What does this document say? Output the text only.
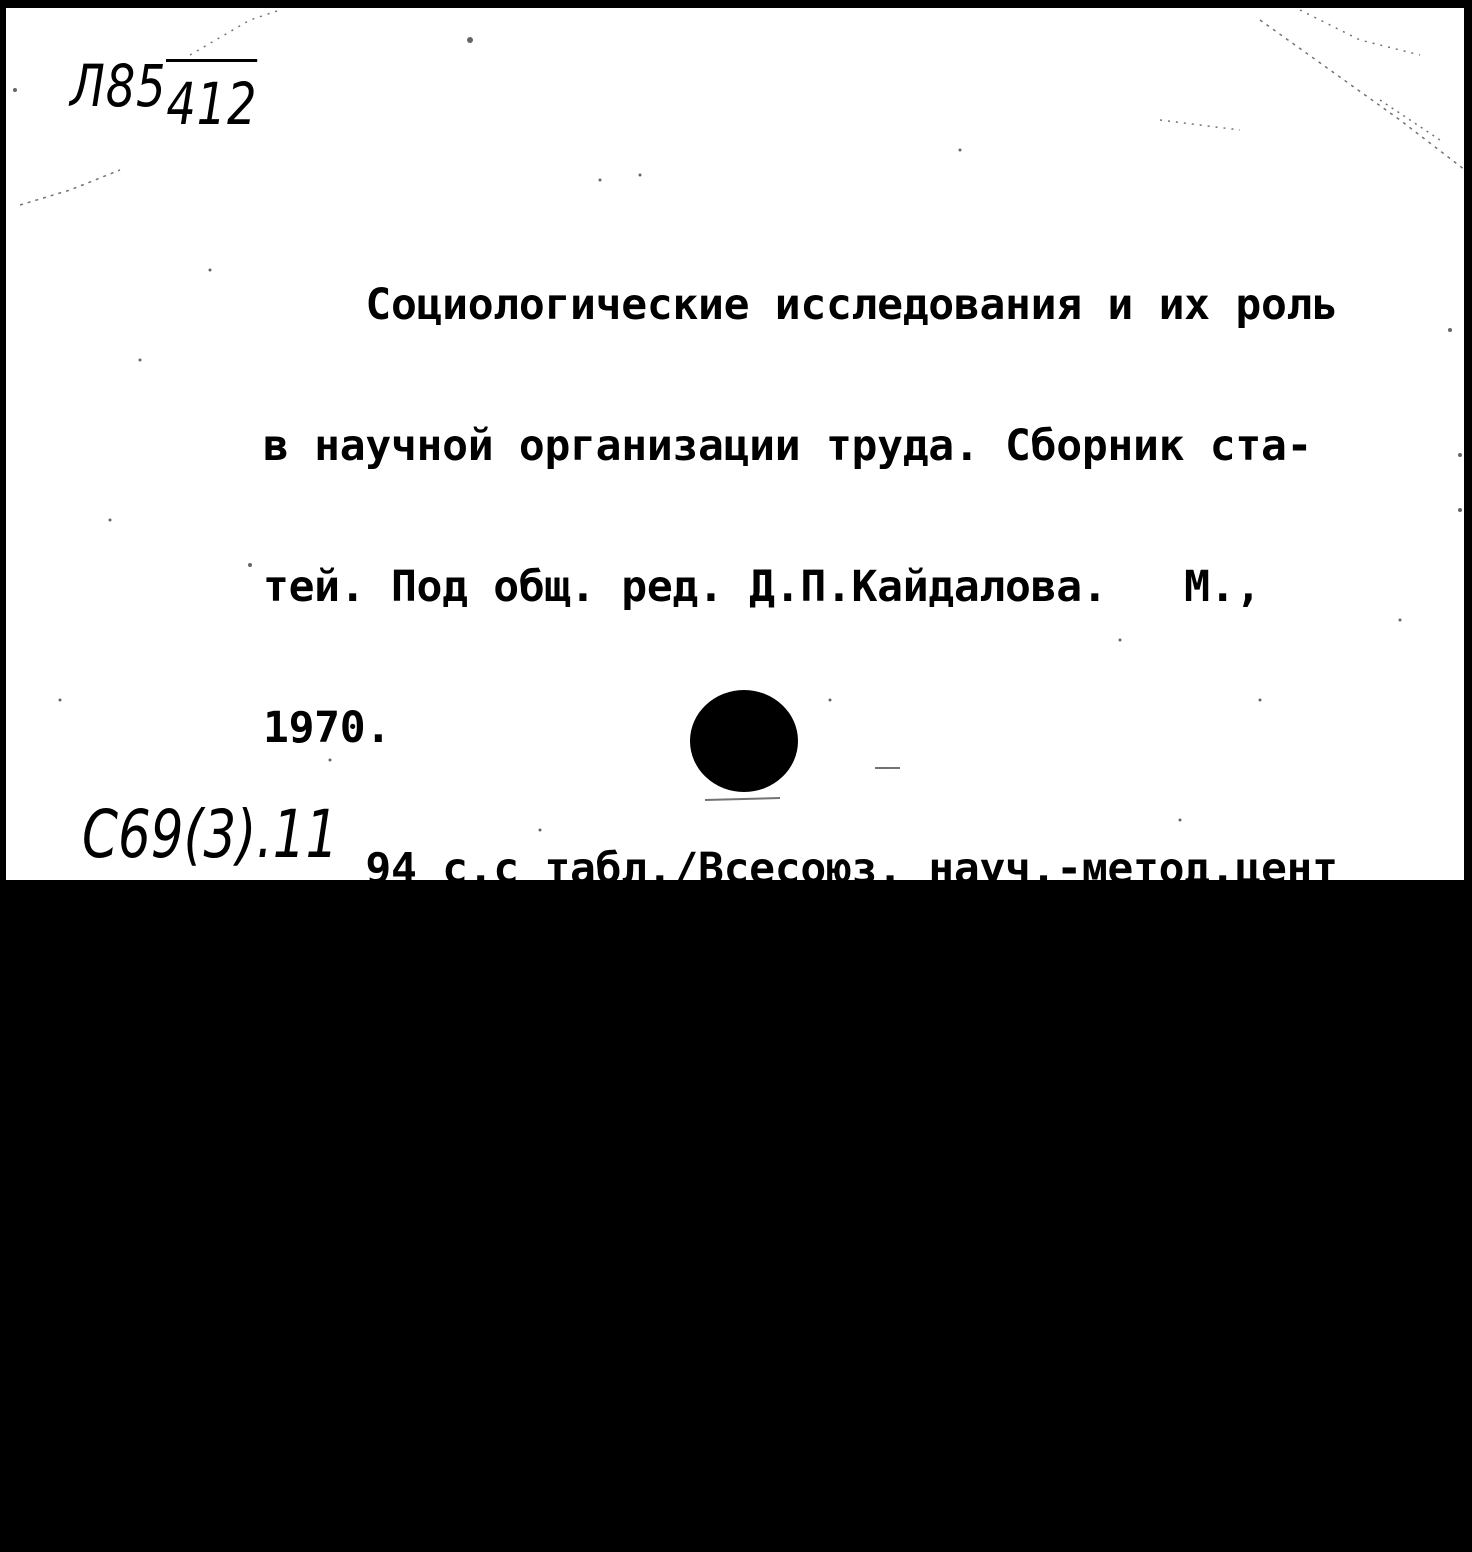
Л85412

Социологические исследования и их роль

в научной организации труда. Сборник ста-

тей. Под общ. ред. Д.П.Кайдалова.   М.,

1970.

94 с.с табл./Всесоюз. науч.-метод.цент

по организации труда и упр. производством

Гос. ком.Совета Министров СССР по вопроса

труда и заработной платы./

22 см.

С69(3).11
